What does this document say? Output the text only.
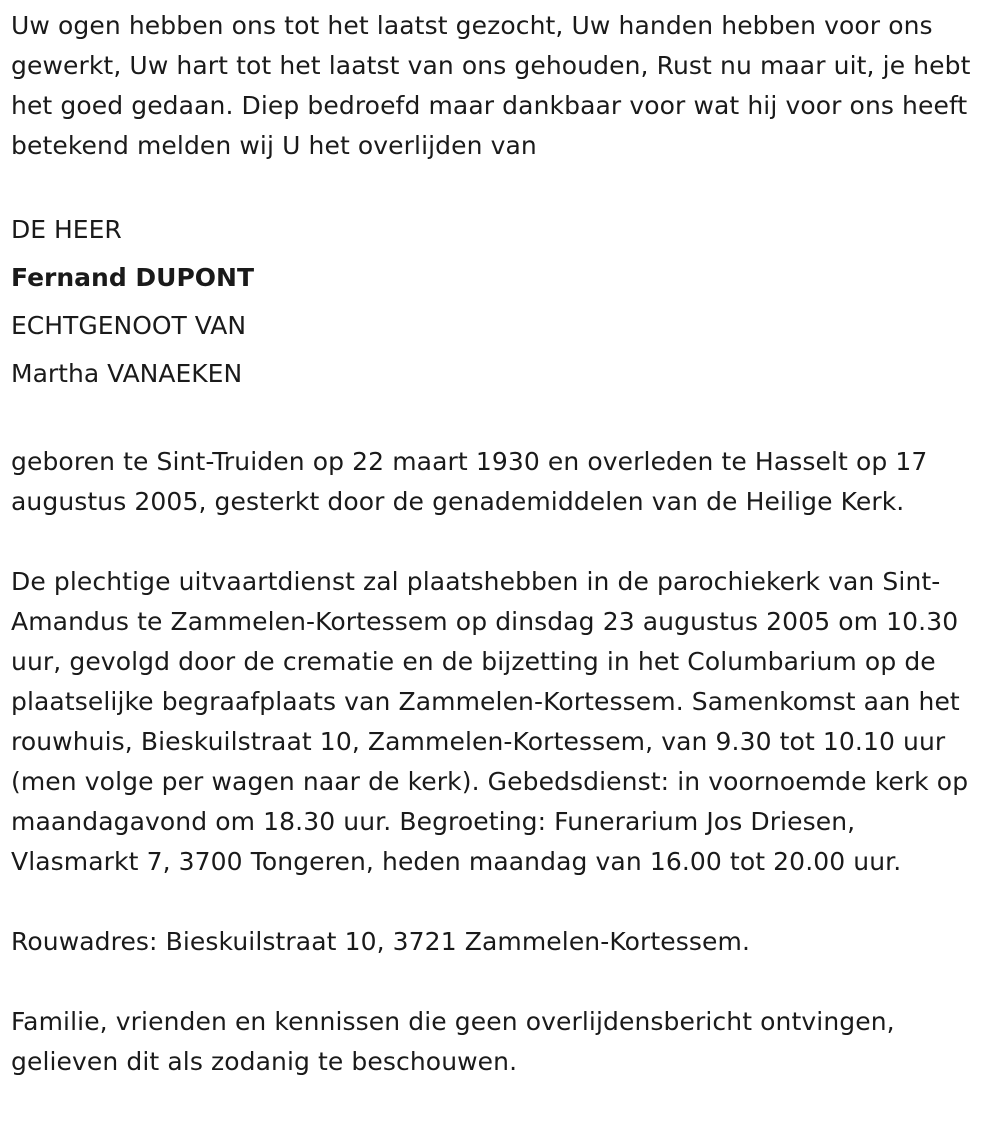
Uw ogen hebben ons tot het laatst gezocht, Uw handen hebben voor ons gewerkt, Uw hart tot het laatst van ons gehouden, Rust nu maar uit, je hebt het goed gedaan. Diep bedroefd maar dankbaar voor wat hij voor ons heeft betekend melden wij U het overlijden van

DE HEER
Fernand DUPONT
ECHTGENOOT VAN
Martha VANAEKEN

geboren te Sint-Truiden op 22 maart 1930 en overleden te Hasselt op 17 augustus 2005, gesterkt door de genademiddelen van de Heilige Kerk.

De plechtige uitvaartdienst zal plaatshebben in de parochiekerk van Sint-Amandus te Zammelen-Kortessem op dinsdag 23 augustus 2005 om 10.30 uur, gevolgd door de crematie en de bijzetting in het Columbarium op de plaatselijke begraafplaats van Zammelen-Kortessem. Samenkomst aan het rouwhuis, Bieskuilstraat 10, Zammelen-Kortessem, van 9.30 tot 10.10 uur (men volge per wagen naar de kerk). Gebedsdienst: in voornoemde kerk op maandagavond om 18.30 uur. Begroeting: Funerarium Jos Driesen, Vlasmarkt 7, 3700 Tongeren, heden maandag van 16.00 tot 20.00 uur.

Rouwadres: Bieskuilstraat 10, 3721 Zammelen-Kortessem.

Familie, vrienden en kennissen die geen overlijdensbericht ontvingen, gelieven dit als zodanig te beschouwen.
